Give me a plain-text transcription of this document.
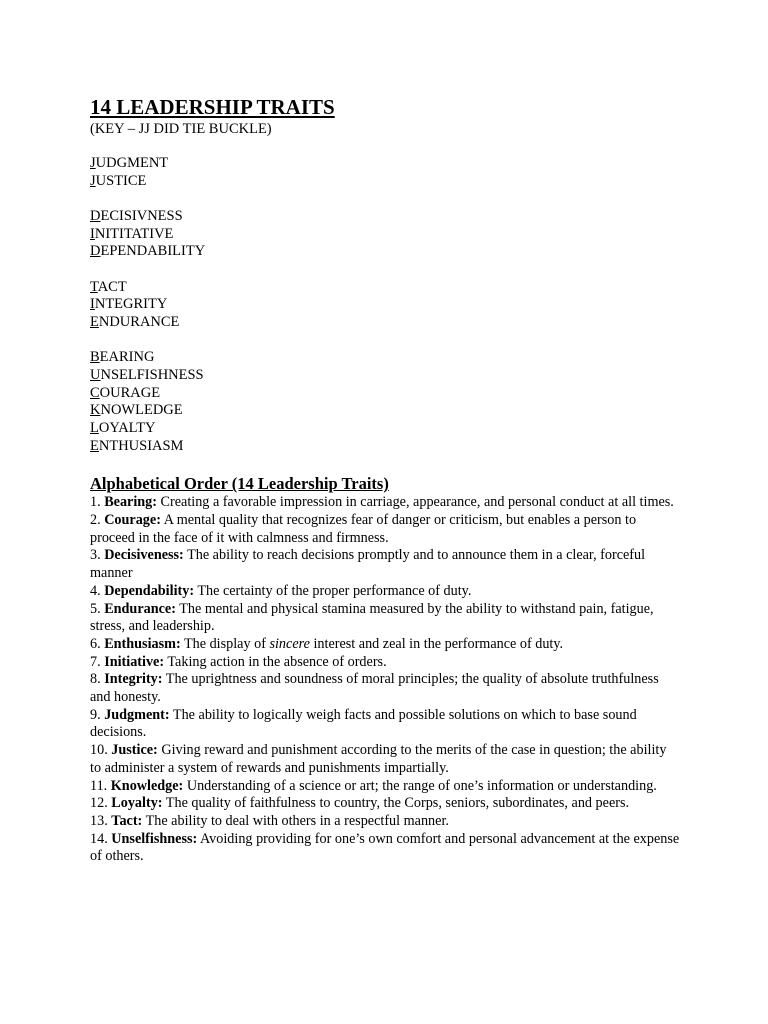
14 LEADERSHIP TRAITS
(KEY – JJ DID TIE BUCKLE)
JUDGMENT
JUSTICE
DECISIVNESS
INITITATIVE
DEPENDABILITY
TACT
INTEGRITY
ENDURANCE
BEARING
UNSELFISHNESS
COURAGE
KNOWLEDGE
LOYALTY
ENTHUSIASM
Alphabetical Order (14 Leadership Traits)
1. Bearing: Creating a favorable impression in carriage, appearance, and personal conduct at all times.
2. Courage: A mental quality that recognizes fear of danger or criticism, but enables a person to proceed in the face of it with calmness and firmness.
3. Decisiveness: The ability to reach decisions promptly and to announce them in a clear, forceful manner
4. Dependability: The certainty of the proper performance of duty.
5. Endurance: The mental and physical stamina measured by the ability to withstand pain, fatigue, stress, and leadership.
6. Enthusiasm: The display of sincere interest and zeal in the performance of duty.
7. Initiative: Taking action in the absence of orders.
8. Integrity: The uprightness and soundness of moral principles; the quality of absolute truthfulness and honesty.
9. Judgment: The ability to logically weigh facts and possible solutions on which to base sound decisions.
10. Justice: Giving reward and punishment according to the merits of the case in question; the ability to administer a system of rewards and punishments impartially.
11. Knowledge: Understanding of a science or art; the range of one’s information or understanding.
12. Loyalty: The quality of faithfulness to country, the Corps, seniors, subordinates, and peers.
13. Tact: The ability to deal with others in a respectful manner.
14. Unselfishness: Avoiding providing for one’s own comfort and personal advancement at the expense of others.
